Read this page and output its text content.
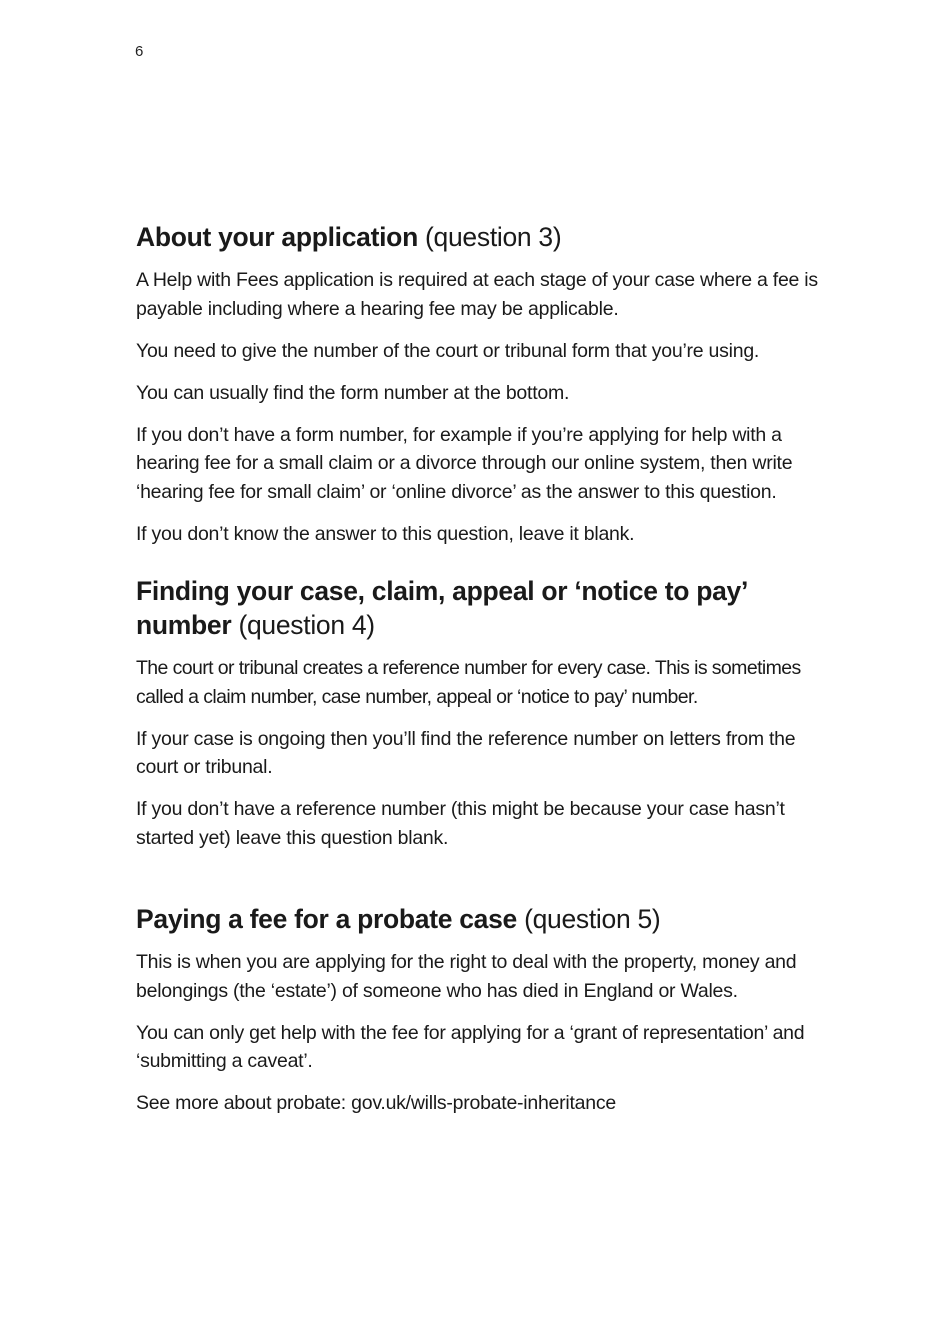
6
About your application (question 3)

A Help with Fees application is required at each stage of your case where a fee is payable including where a hearing fee may be applicable.

You need to give the number of the court or tribunal form that you’re using.

You can usually find the form number at the bottom.

If you don’t have a form number, for example if you’re applying for help with a hearing fee for a small claim or a divorce through our online system, then write ‘hearing fee for small claim’ or ‘online divorce’ as the answer to this question.

If you don’t know the answer to this question, leave it blank.

Finding your case, claim, appeal or ‘notice to pay’ number (question 4)

The court or tribunal creates a reference number for every case. This is sometimes called a claim number, case number, appeal or ‘notice to pay’ number.

If your case is ongoing then you’ll find the reference number on letters from the court or tribunal.

If you don’t have a reference number (this might be because your case hasn’t started yet) leave this question blank.

Paying a fee for a probate case (question 5)

This is when you are applying for the right to deal with the property, money and belongings (the ‘estate’) of someone who has died in England or Wales.

You can only get help with the fee for applying for a ‘grant of representation’ and ‘submitting a caveat’.

See more about probate: gov.uk/wills-probate-inheritance
